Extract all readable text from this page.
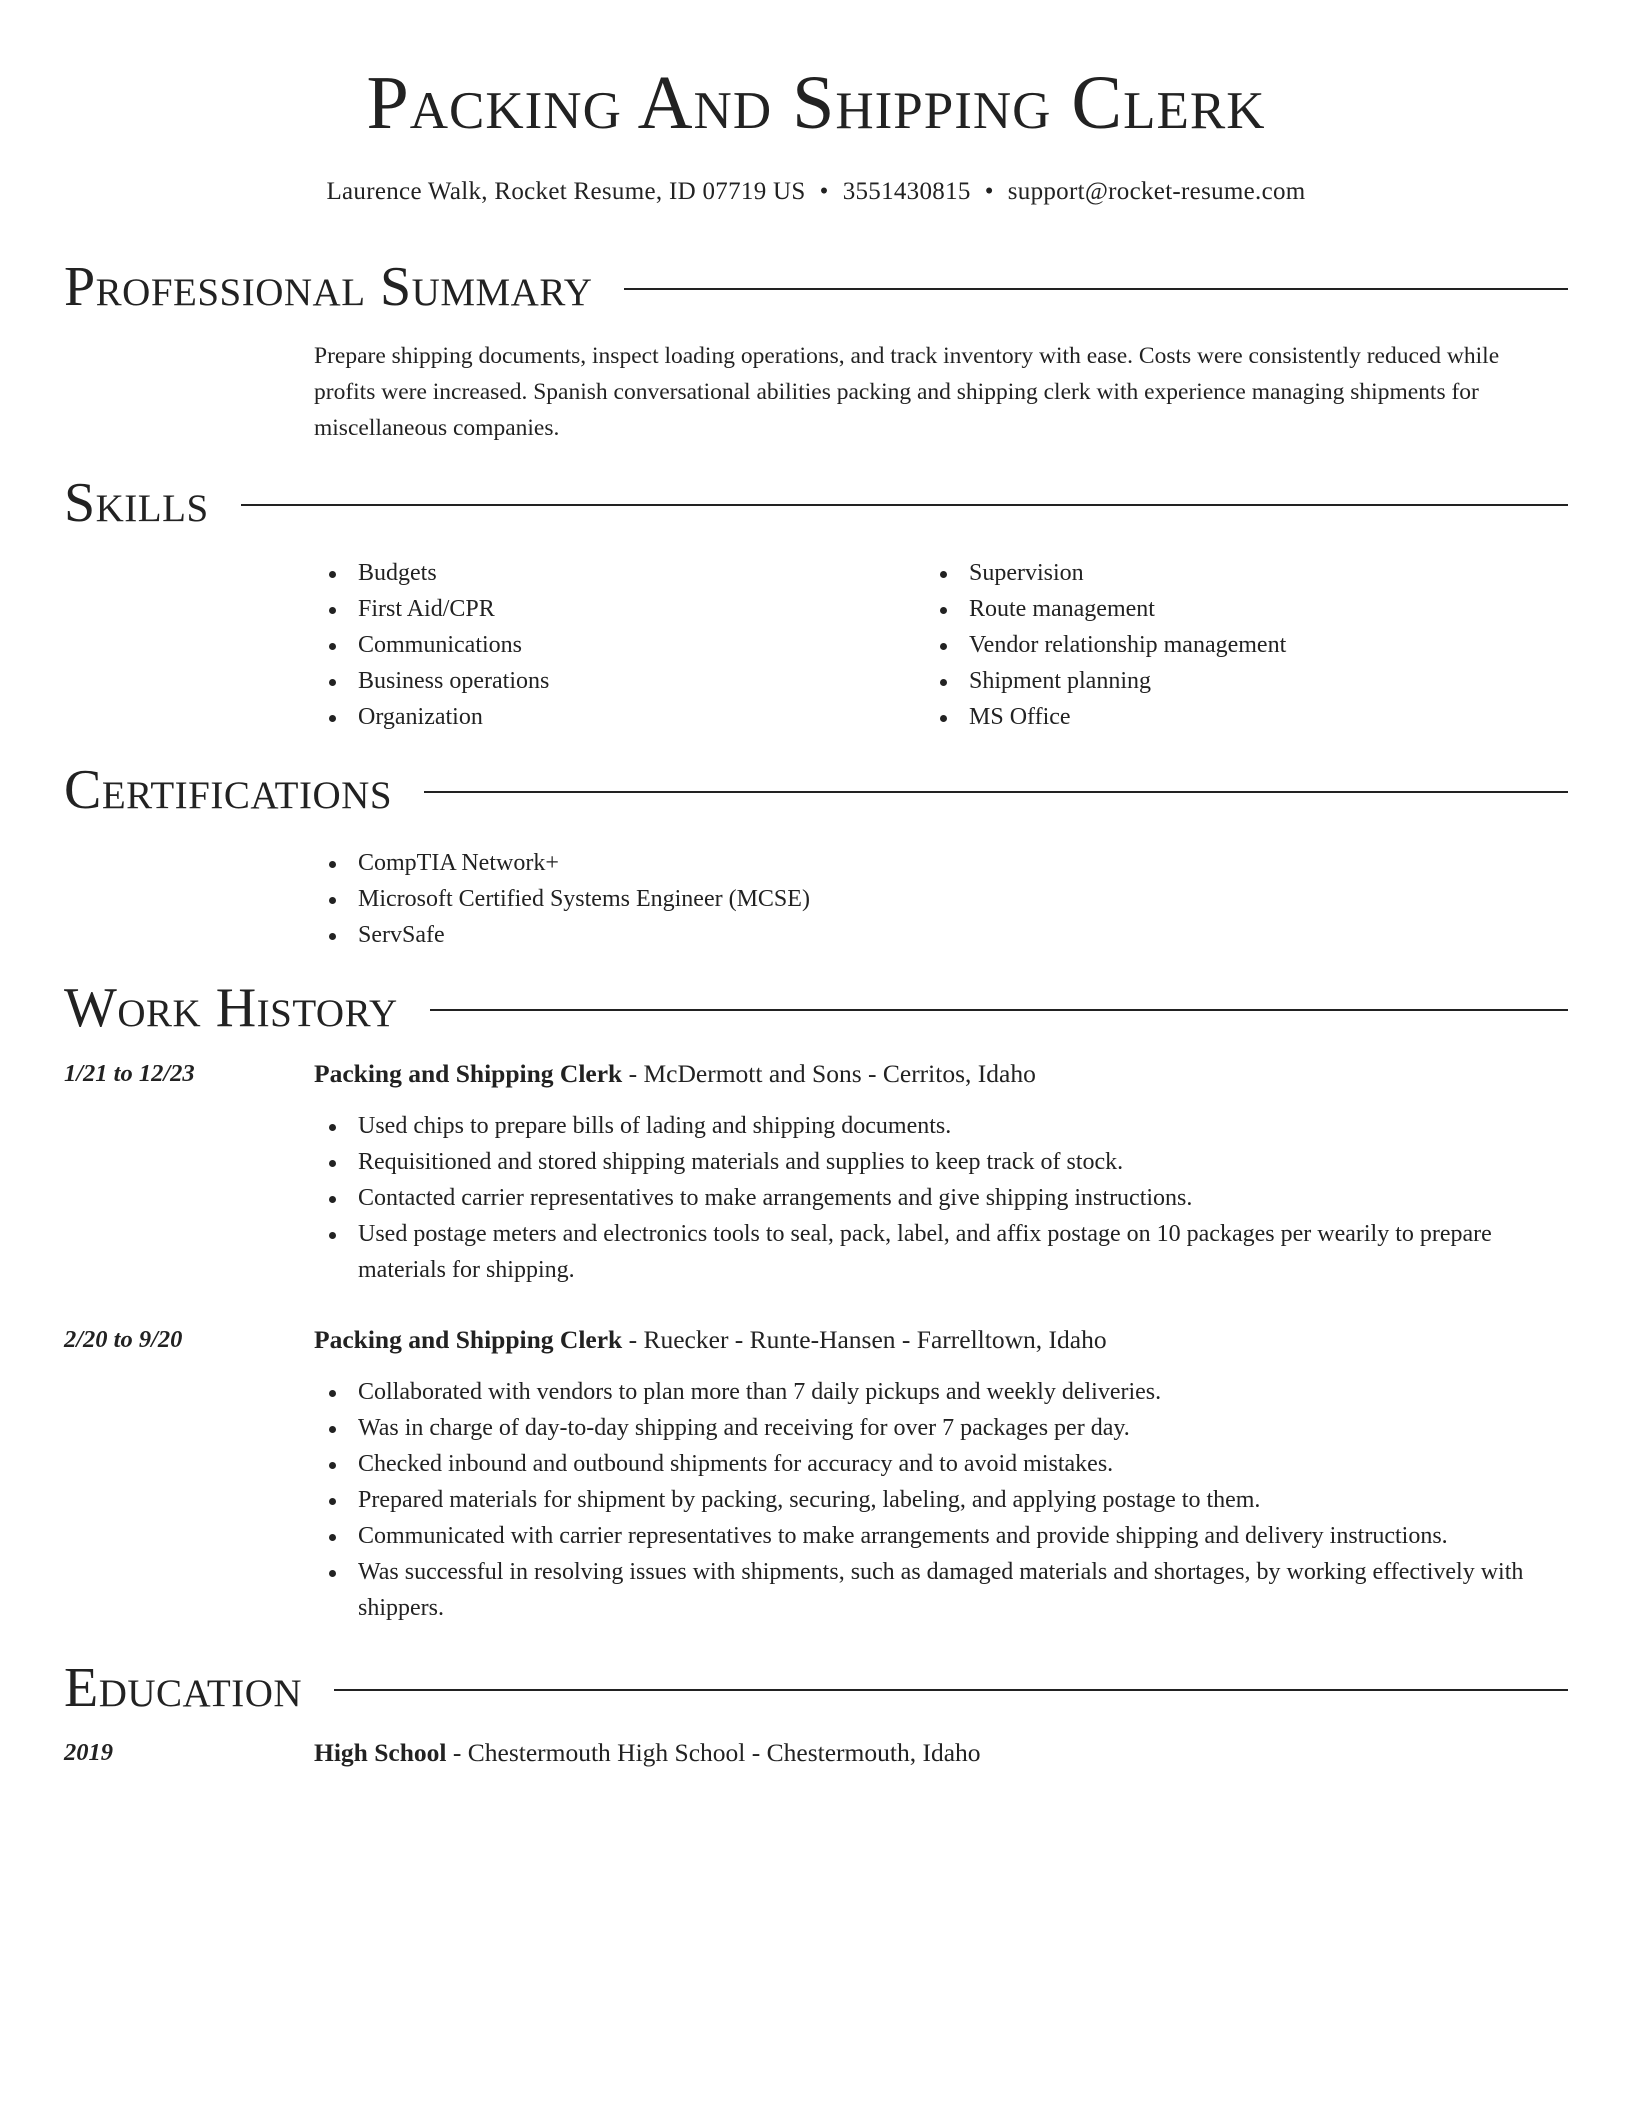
Packing And Shipping Clerk
Laurence Walk, Rocket Resume, ID 07719 US • 3551430815 • support@rocket-resume.com
Professional Summary
Prepare shipping documents, inspect loading operations, and track inventory with ease. Costs were consistently reduced while profits were increased. Spanish conversational abilities packing and shipping clerk with experience managing shipments for miscellaneous companies.
Skills
Budgets
First Aid/CPR
Communications
Business operations
Organization
Supervision
Route management
Vendor relationship management
Shipment planning
MS Office
Certifications
CompTIA Network+
Microsoft Certified Systems Engineer (MCSE)
ServSafe
Work History
1/21 to 12/23	Packing and Shipping Clerk - McDermott and Sons - Cerritos, Idaho
Used chips to prepare bills of lading and shipping documents.
Requisitioned and stored shipping materials and supplies to keep track of stock.
Contacted carrier representatives to make arrangements and give shipping instructions.
Used postage meters and electronics tools to seal, pack, label, and affix postage on 10 packages per wearily to prepare materials for shipping.
2/20 to 9/20	Packing and Shipping Clerk - Ruecker - Runte-Hansen - Farrelltown, Idaho
Collaborated with vendors to plan more than 7 daily pickups and weekly deliveries.
Was in charge of day-to-day shipping and receiving for over 7 packages per day.
Checked inbound and outbound shipments for accuracy and to avoid mistakes.
Prepared materials for shipment by packing, securing, labeling, and applying postage to them.
Communicated with carrier representatives to make arrangements and provide shipping and delivery instructions.
Was successful in resolving issues with shipments, such as damaged materials and shortages, by working effectively with shippers.
Education
2019	High School - Chestermouth High School - Chestermouth, Idaho
